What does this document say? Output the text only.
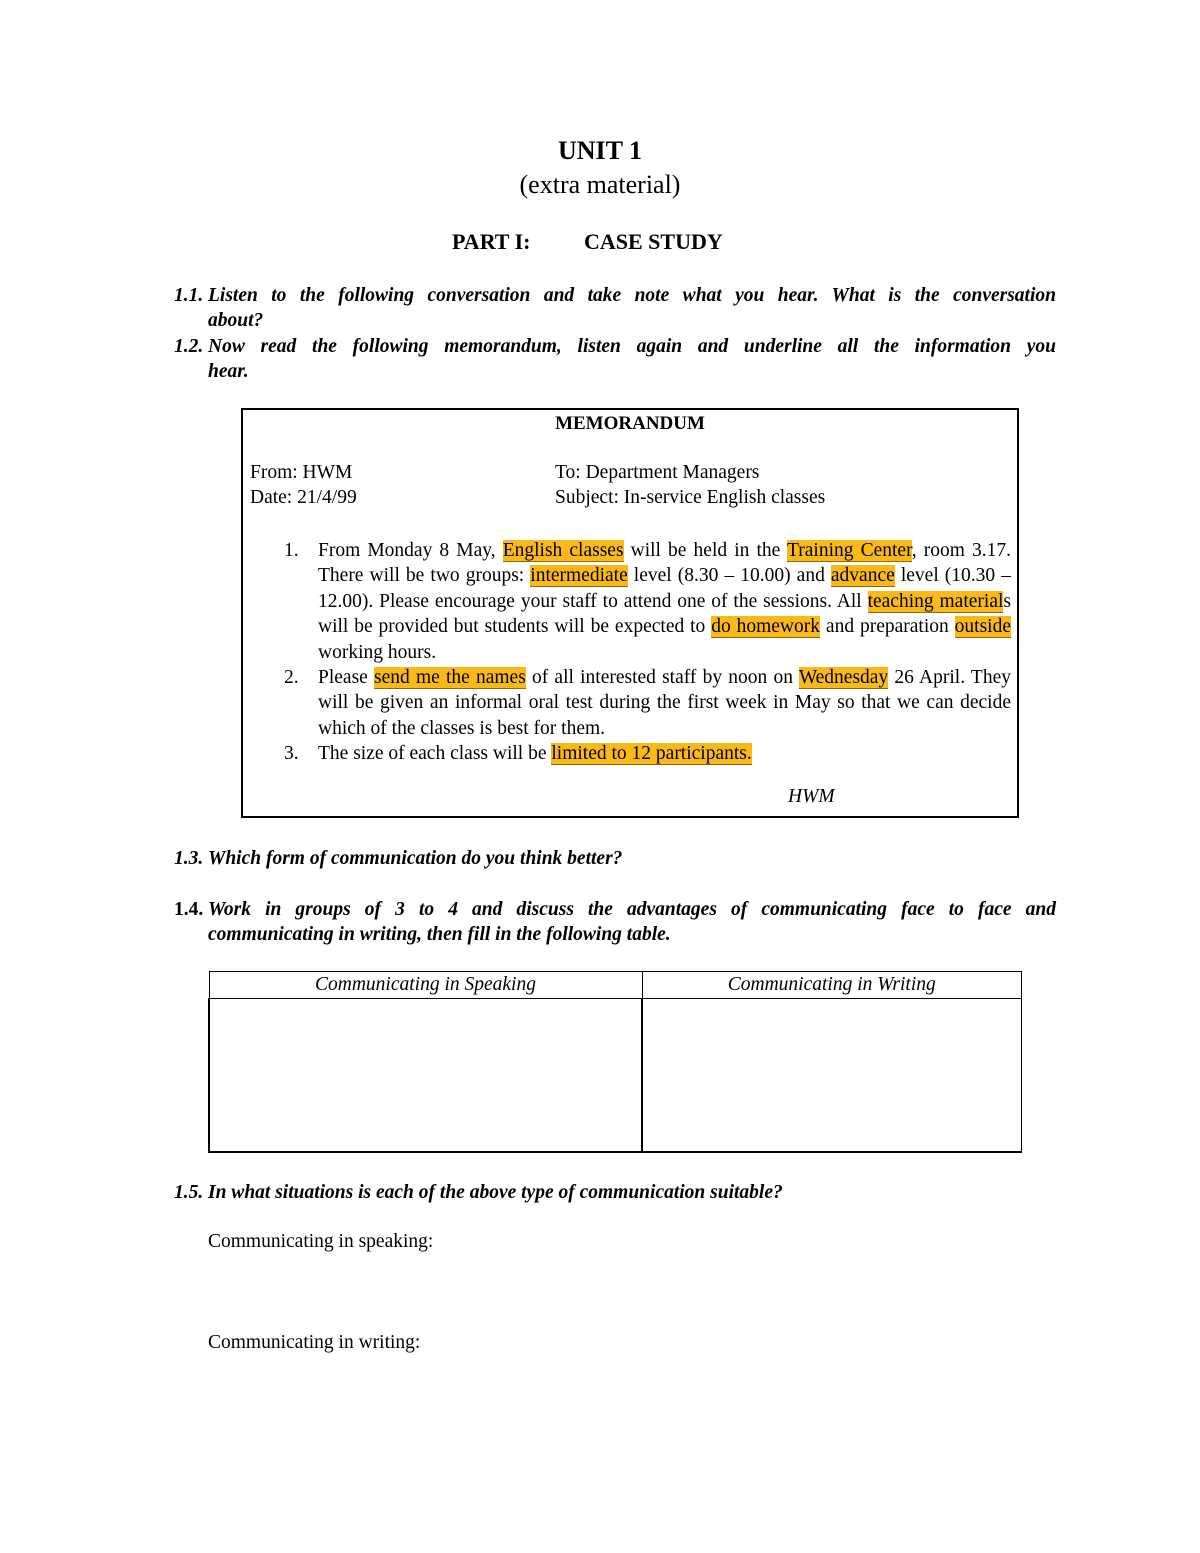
UNIT 1
(extra material)
PART I: CASE STUDY
1.1. Listen to the following conversation and take note what you hear. What is the conversation
about?
1.2. Now read the following memorandum, listen again and underline all the information you
hear.
MEMORANDUM
From: HWM
Date: 21/4/99
To: Department Managers
Subject: In-service English classes
1. From Monday 8 May, English classes will be held in the Training Center, room 3.17. There will be two groups: intermediate level (8.30 – 10.00) and advance level (10.30 – 12.00). Please encourage your staff to attend one of the sessions. All teaching materials will be provided but students will be expected to do homework and preparation outside working hours.
2. Please send me the names of all interested staff by noon on Wednesday 26 April. They will be given an informal oral test during the first week in May so that we can decide which of the classes is best for them.
3. The size of each class will be limited to 12 participants.
HWM
1.3. Which form of communication do you think better?
1.4. Work in groups of 3 to 4 and discuss the advantages of communicating face to face and
communicating in writing, then fill in the following table.
Communicating in Speaking	Communicating in Writing

1.5. In what situations is each of the above type of communication suitable?
Communicating in speaking:
Communicating in writing:
